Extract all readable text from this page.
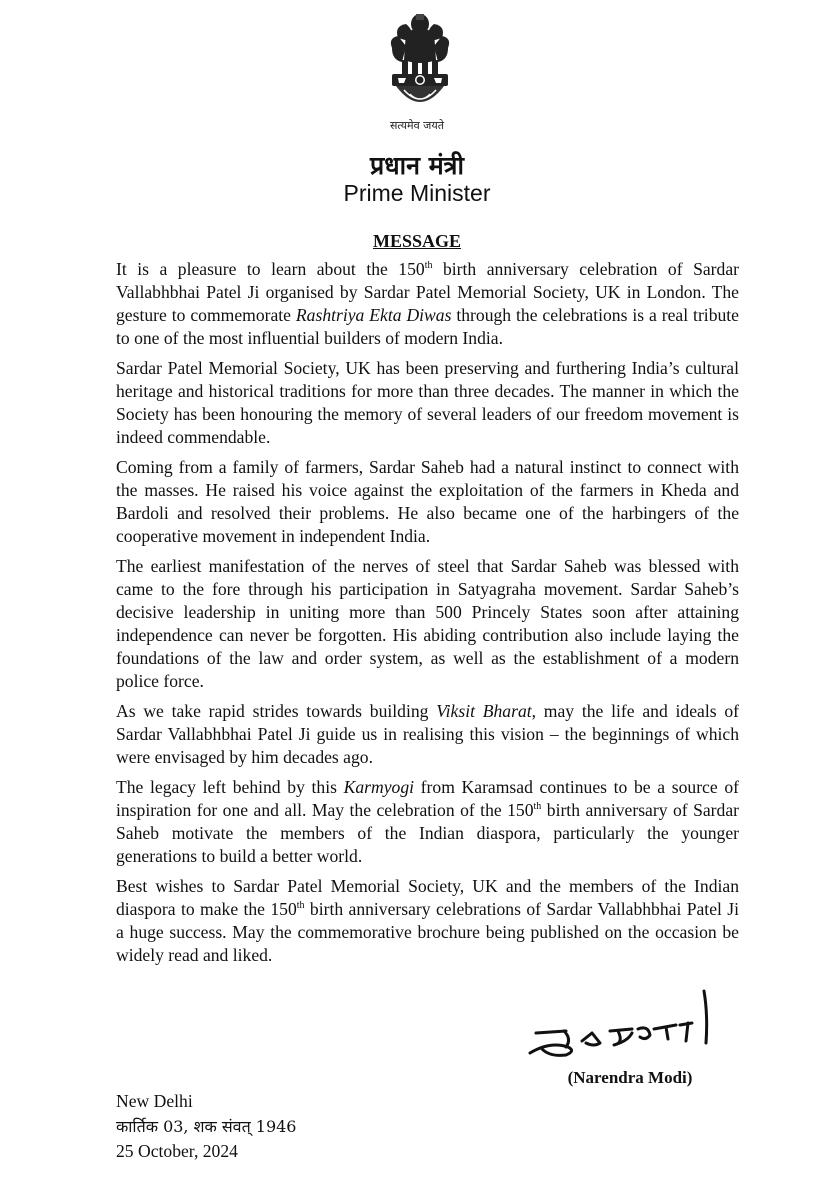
सत्यमेव जयते
प्रधान मंत्री
Prime Minister
MESSAGE

It is a pleasure to learn about the 150th birth anniversary celebration of Sardar Vallabhbhai Patel Ji organised by Sardar Patel Memorial Society, UK in London. The gesture to commemorate Rashtriya Ekta Diwas through the celebrations is a real tribute to one of the most influential builders of modern India.

Sardar Patel Memorial Society, UK has been preserving and furthering India’s cultural heritage and historical traditions for more than three decades. The manner in which the Society has been honouring the memory of several leaders of our freedom movement is indeed commendable.

Coming from a family of farmers, Sardar Saheb had a natural instinct to connect with the masses. He raised his voice against the exploitation of the farmers in Kheda and Bardoli and resolved their problems. He also became one of the harbingers of the cooperative movement in independent India.

The earliest manifestation of the nerves of steel that Sardar Saheb was blessed with came to the fore through his participation in Satyagraha movement. Sardar Saheb’s decisive leadership in uniting more than 500 Princely States soon after attaining independence can never be forgotten. His abiding contribution also include laying the foundations of the law and order system, as well as the establishment of a modern police force.

As we take rapid strides towards building Viksit Bharat, may the life and ideals of Sardar Vallabhbhai Patel Ji guide us in realising this vision – the beginnings of which were envisaged by him decades ago.

The legacy left behind by this Karmyogi from Karamsad continues to be a source of inspiration for one and all. May the celebration of the 150th birth anniversary of Sardar Saheb motivate the members of the Indian diaspora, particularly the younger generations to build a better world.

Best wishes to Sardar Patel Memorial Society, UK and the members of the Indian diaspora to make the 150th birth anniversary celebrations of Sardar Vallabhbhai Patel Ji a huge success. May the commemorative brochure being published on the occasion be widely read and liked.

(Narendra Modi)
New Delhi
कार्तिक 03, शक संवत् 1946
25 October, 2024
